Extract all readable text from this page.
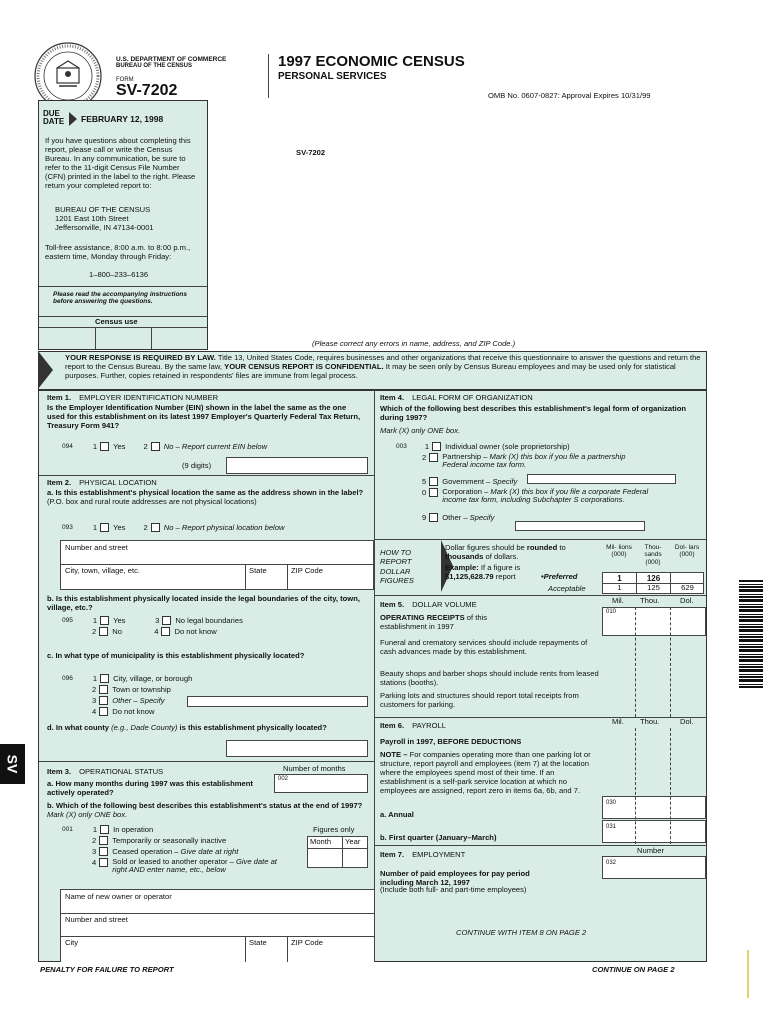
U.S. DEPARTMENT OF COMMERCE
BUREAU OF THE CENSUS
FORM
SV-7202
1997 ECONOMIC CENSUS
PERSONAL SERVICES
OMB No. 0607-0827: Approval Expires 10/31/99
DUE DATE	FEBRUARY 12, 1998
If you have questions about completing this report, please call or write the Census Bureau. In any communication, be sure to refer to the 11-digit Census File Number (CFN) printed in the label to the right. Please return your completed report to:
BUREAU OF THE CENSUS
1201 East 10th Street
Jeffersonville, IN 47134-0001
Toll-free assistance, 8:00 a.m. to 8:00 p.m., eastern time, Monday through Friday:
1–800–233–6136
Please read the accompanying instructions before answering the questions.
Census use
SV-7202
(Please correct any errors in name, address, and ZIP Code.)
YOUR RESPONSE IS REQUIRED BY LAW. Title 13, United States Code, requires businesses and other organizations that receive this questionnaire to answer the questions and return the report to the Census Bureau. By the same law, YOUR CENSUS REPORT IS CONFIDENTIAL. It may be seen only by Census Bureau employees and may be used only for statistical purposes. Further, copies retained in respondents' files are immune from legal process.
Item 1. EMPLOYER IDENTIFICATION NUMBER
Is the Employer Identification Number (EIN) shown in the label the same as the one used for this establishment on its latest 1997 Employer's Quarterly Federal Tax Return, Treasury Form 941?
094	1 Yes 2 No – Report current EIN below
(9 digits)
Item 2. PHYSICAL LOCATION
a. Is this establishment's physical location the same as the address shown in the label? (P.O. box and rural route addresses are not physical locations)
093	1 Yes 2 No – Report physical location below
Number and street
City, town, village, etc.	State	ZIP Code
b. Is this establishment physically located inside the legal boundaries of the city, town, village, etc.?
095	1 Yes	3 No legal boundaries
2 No	4 Do not know
c. In what type of municipality is this establishment physically located?
096	1 City, village, or borough
2 Town or township
3 Other – Specify
4 Do not know
d. In what county (e.g., Dade County) is this establishment physically located?
Item 3. OPERATIONAL STATUS	Number of months
002
a. How many months during 1997 was this establishment actively operated?
b. Which of the following best describes this establishment's status at the end of 1997? Mark (X) only ONE box.
001	1 In operation
2 Temporarily or seasonally inactive
3 Ceased operation – Give date at right
4 Sold or leased to another operator – Give date at right AND enter name, etc., below
Figures only
Month Year
Name of new owner or operator
Number and street
City	State	ZIP Code
Item 4. LEGAL FORM OF ORGANIZATION
Which of the following best describes this establishment's legal form of organization during 1997?
Mark (X) only ONE box.
003 1 Individual owner (sole proprietorship)
2 Partnership – Mark (X) this box if you file a partnership Federal income tax form.
5 Government – Specify
0 Corporation – Mark (X) this box if you file a corporate Federal income tax form, including Subchapter S corporations.
9 Other – Specify
HOW TO REPORT DOLLAR FIGURES
Dollar figures should be rounded to thousands of dollars.
Example: If a figure is $1,125,628.79 report	•Preferred
Acceptable
Mil- lions (000)
Thou- sands (000)
Dol- lars (000)
1	126
1	125	629
Item 5. DOLLAR VOLUME	Mil. Thou.	Dol.
OPERATING RECEIPTS of this establishment in 1997
Funeral and crematory services should include repayments of cash advances made by this establishment.
Beauty shops and barber shops should include rents from leased stations (booths).
Parking lots and structures should report total receipts from customers for parking.
010
Item 6. PAYROLL	Mil. Thou.	Dol.
Payroll in 1997, BEFORE DEDUCTIONS
NOTE – For companies operating more than one parking lot or structure, report payroll and employees (item 7) at the location where the employees spend most of their time. If an establishment is a self-park service location at which no employees are assigned, report zero in items 6a, 6b, and 7.
a. Annual
b. First quarter (January–March)
030
031
Item 7. EMPLOYMENT	Number
032
Number of paid employees for pay period including March 12, 1997
(Include both full- and part-time employees)
CONTINUE WITH ITEM 8 ON PAGE 2
PENALTY FOR FAILURE TO REPORT	CONTINUE ON PAGE 2
SV
